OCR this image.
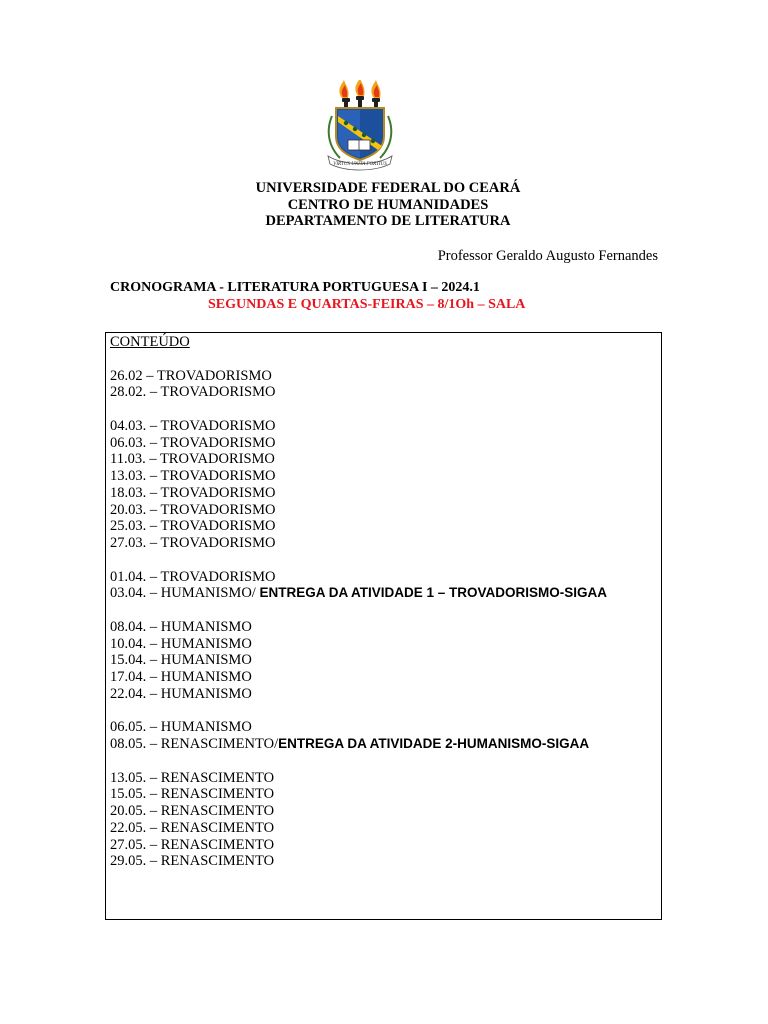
VIRTUS UNITA FORTIUS
UNIVERSIDADE FEDERAL DO CEARÁ
CENTRO DE HUMANIDADES
DEPARTAMENTO DE LITERATURA
Professor Geraldo Augusto Fernandes
CRONOGRAMA - LITERATURA PORTUGUESA I – 2024.1
SEGUNDAS E QUARTAS-FEIRAS – 8/1Oh – SALA
CONTEÚDO
26.02 – TROVADORISMO
28.02. – TROVADORISMO
04.03. – TROVADORISMO
06.03. – TROVADORISMO
11.03. – TROVADORISMO
13.03. – TROVADORISMO
18.03. – TROVADORISMO
20.03. – TROVADORISMO
25.03. – TROVADORISMO
27.03. – TROVADORISMO
01.04. – TROVADORISMO
03.04. – HUMANISMO/ ENTREGA DA ATIVIDADE 1 – TROVADORISMO-SIGAA
08.04. – HUMANISMO
10.04. – HUMANISMO
15.04. – HUMANISMO
17.04. – HUMANISMO
22.04. – HUMANISMO
06.05. – HUMANISMO
08.05. – RENASCIMENTO/ENTREGA DA ATIVIDADE 2-HUMANISMO-SIGAA
13.05. – RENASCIMENTO
15.05. – RENASCIMENTO
20.05. – RENASCIMENTO
22.05. – RENASCIMENTO
27.05. – RENASCIMENTO
29.05. – RENASCIMENTO
